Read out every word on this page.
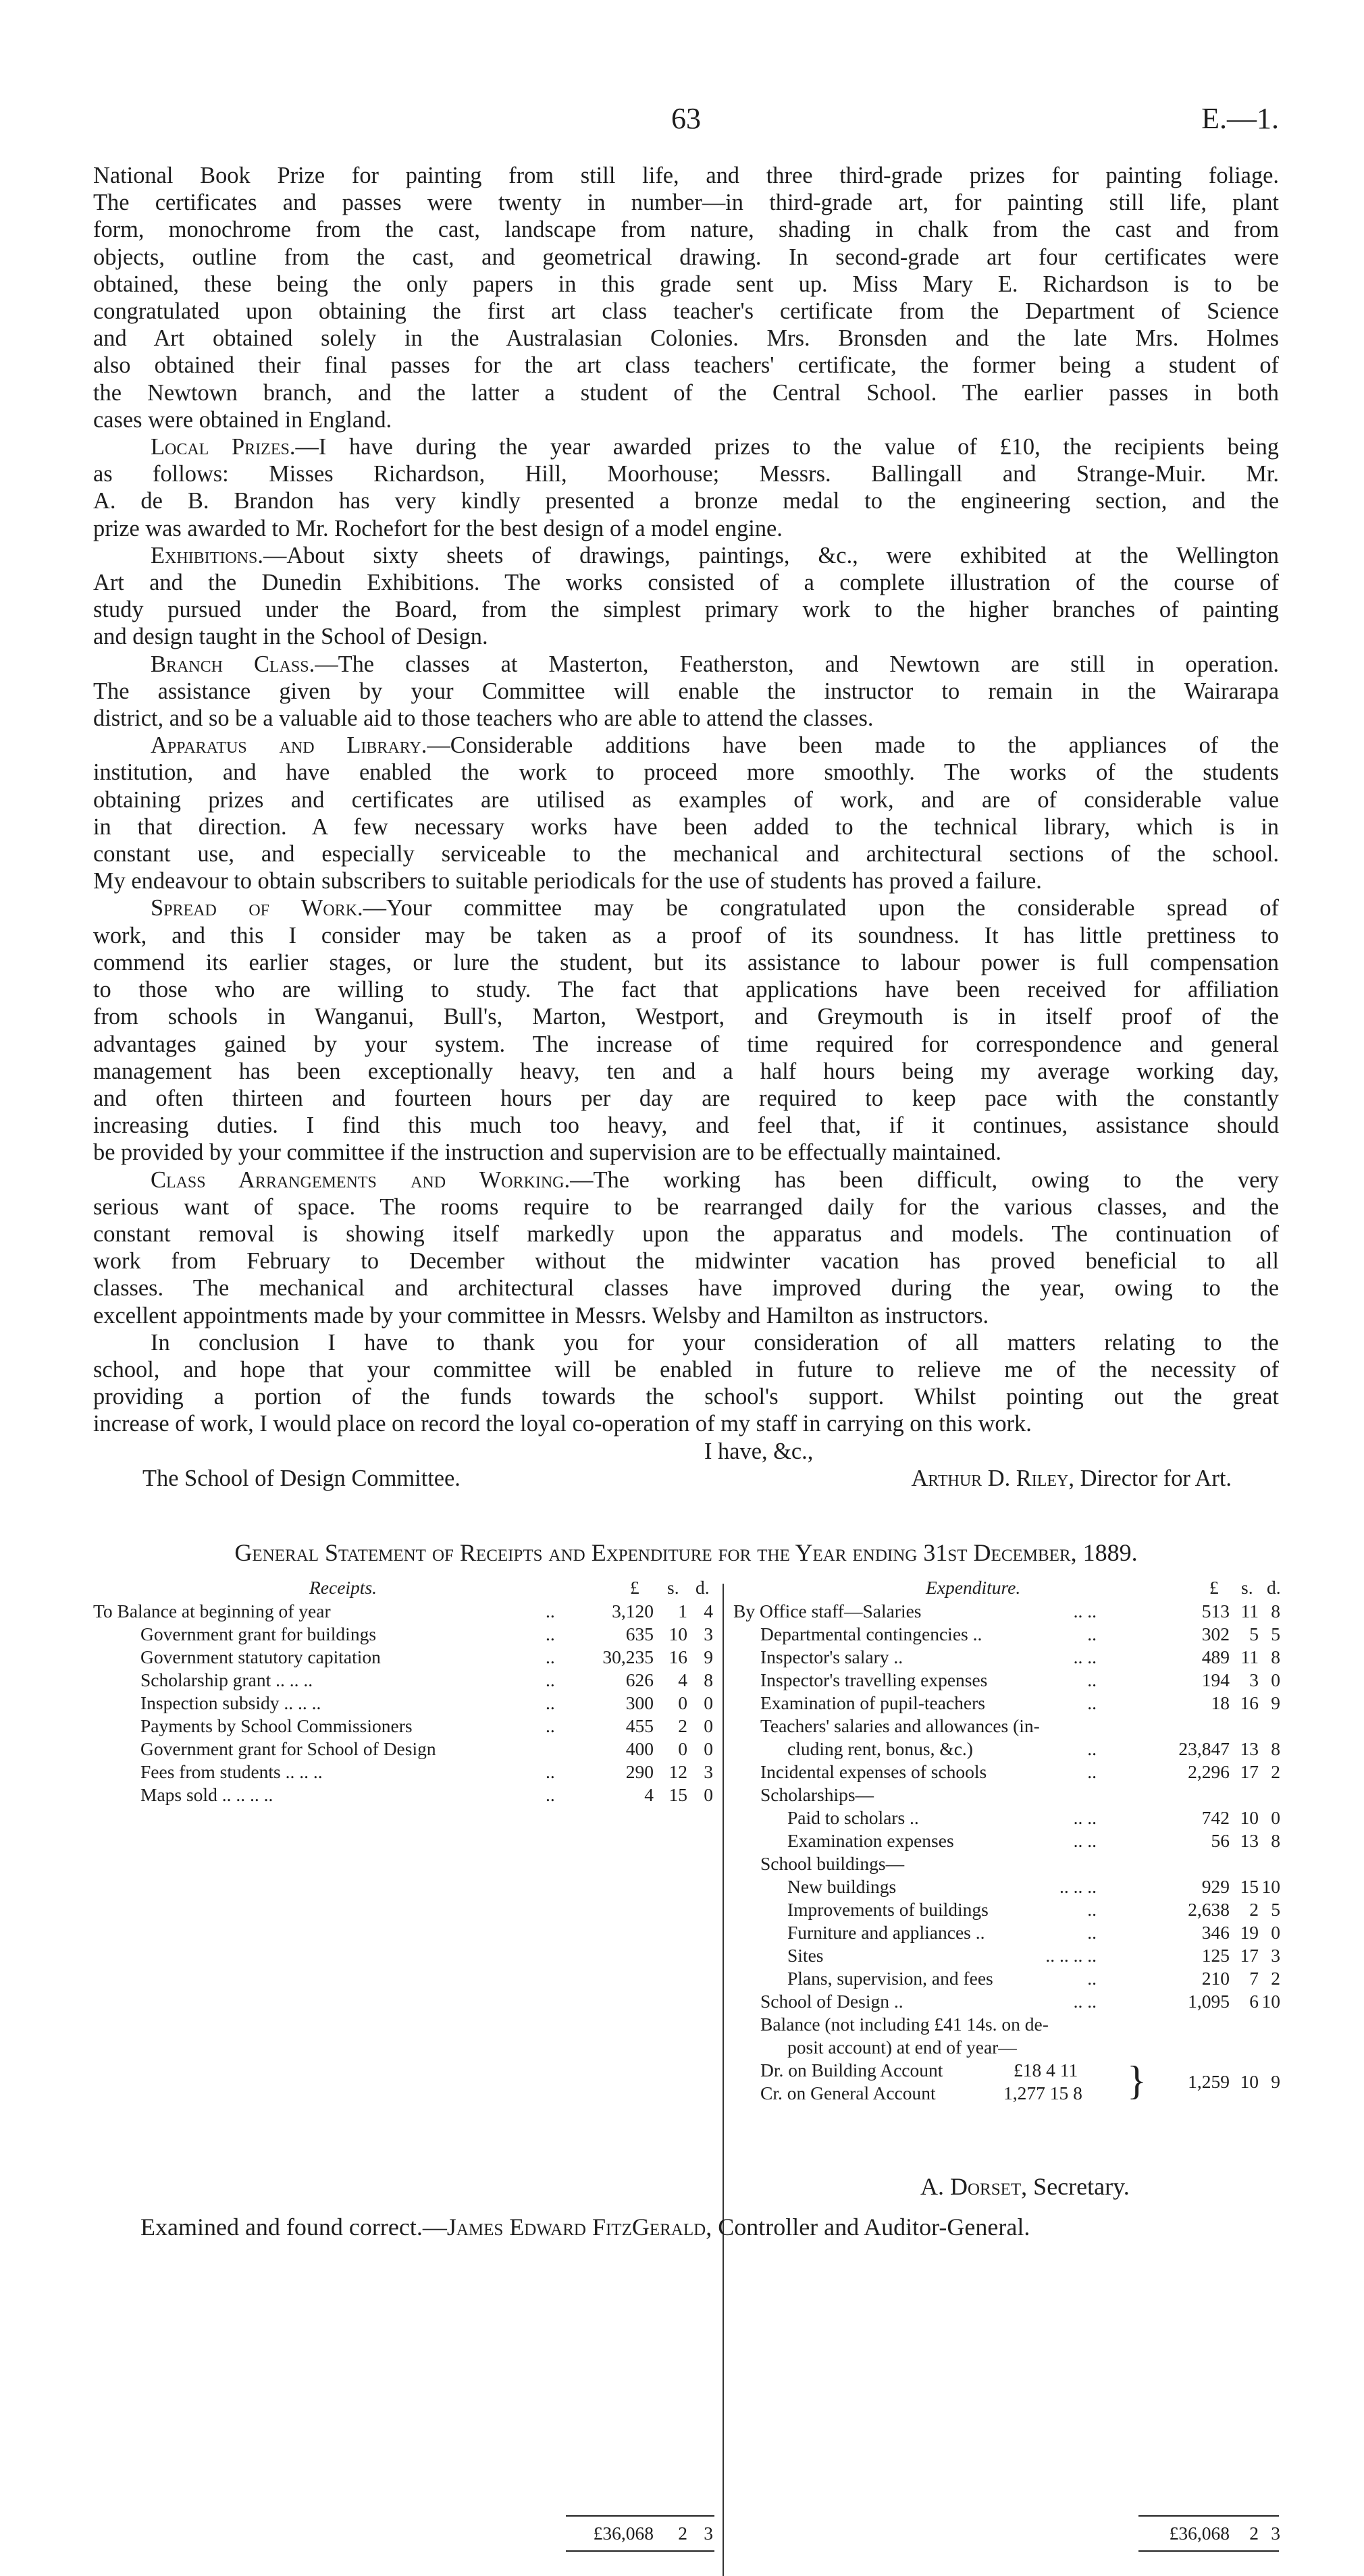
63	E.—1.

National Book Prize for painting from still life, and three third-grade prizes for painting foliage.

The certificates and passes were twenty in number—in third-grade art, for painting still life, plant

form, monochrome from the cast, landscape from nature, shading in chalk from the cast and from

objects, outline from the cast, and geometrical drawing. In second-grade art four certificates were

obtained, these being the only papers in this grade sent up. Miss Mary E. Richardson is to be

congratulated upon obtaining the first art class teacher's certificate from the Department of Science

and Art obtained solely in the Australasian Colonies. Mrs. Bronsden and the late Mrs. Holmes

also obtained their final passes for the art class teachers' certificate, the former being a student of

the Newtown branch, and the latter a student of the Central School. The earlier passes in both

cases were obtained in England.

Local Prizes.—I have during the year awarded prizes to the value of £10, the recipients being

as follows: Misses Richardson, Hill, Moorhouse; Messrs. Ballingall and Strange-Muir. Mr.

A. de B. Brandon has very kindly presented a bronze medal to the engineering section, and the

prize was awarded to Mr. Rochefort for the best design of a model engine.

Exhibitions.—About sixty sheets of drawings, paintings, &c., were exhibited at the Wellington

Art and the Dunedin Exhibitions. The works consisted of a complete illustration of the course of

study pursued under the Board, from the simplest primary work to the higher branches of painting

and design taught in the School of Design.

Branch Class.—The classes at Masterton, Featherston, and Newtown are still in operation.

The assistance given by your Committee will enable the instructor to remain in the Wairarapa

district, and so be a valuable aid to those teachers who are able to attend the classes.

Apparatus and Library.—Considerable additions have been made to the appliances of the

institution, and have enabled the work to proceed more smoothly. The works of the students

obtaining prizes and certificates are utilised as examples of work, and are of considerable value

in that direction. A few necessary works have been added to the technical library, which is in

constant use, and especially serviceable to the mechanical and architectural sections of the school.

My endeavour to obtain subscribers to suitable periodicals for the use of students has proved a failure.

Spread of Work.—Your committee may be congratulated upon the considerable spread of

work, and this I consider may be taken as a proof of its soundness. It has little prettiness to

commend its earlier stages, or lure the student, but its assistance to labour power is full compensation

to those who are willing to study. The fact that applications have been received for affiliation

from schools in Wanganui, Bull's, Marton, Westport, and Greymouth is in itself proof of the

advantages gained by your system. The increase of time required for correspondence and general

management has been exceptionally heavy, ten and a half hours being my average working day,

and often thirteen and fourteen hours per day are required to keep pace with the constantly

increasing duties. I find this much too heavy, and feel that, if it continues, assistance should

be provided by your committee if the instruction and supervision are to be effectually maintained.

Class Arrangements and Working.—The working has been difficult, owing to the very

serious want of space. The rooms require to be rearranged daily for the various classes, and the

constant removal is showing itself markedly upon the apparatus and models. The continuation of

work from February to December without the midwinter vacation has proved beneficial to all

classes. The mechanical and architectural classes have improved during the year, owing to the

excellent appointments made by your committee in Messrs. Welsby and Hamilton as instructors.

In conclusion I have to thank you for your consideration of all matters relating to the

school, and hope that your committee will be enabled in future to relieve me of the necessity of

providing a portion of the funds towards the school's support. Whilst pointing out the great

increase of work, I would place on record the loyal co-operation of my staff in carrying on this work.

I have, &c.,
The School of Design Committee.	Arthur D. Riley, Director for Art.
General Statement of Receipts and Expenditure for the Year ending 31st December, 1889.
Receipts.	£ s. d.
To Balance at beginning of year	..	3,120	1 4
Government grant for buildings	..	635 10 3
Government statutory capitation	..	30,235 16 9
Scholarship grant .. .. ..	..	626	4 8
Inspection subsidy .. .. ..	..	300	0 0
Payments by School Commissioners	..	455	2 0
Government grant for School of Design	400	0 0
Fees from students .. .. ..	..	290 12 3
Maps sold .. .. .. ..	..	4 15 0
£36,068	2 3
Expenditure.	£ s. d.
By Office staff—Salaries	.. ..	513 11 8
Departmental contingencies ..	..	302	5 5
Inspector's salary ..	.. ..	489 11 8
Inspector's travelling expenses	..	194	3 0
Examination of pupil-teachers	..	18 16 9
Teachers' salaries and allowances (in-
cluding rent, bonus, &c.)	..	23,847 13 8
Incidental expenses of schools	..	2,296 17 2
Scholarships—
Paid to scholars ..	.. ..	742 10 0
Examination expenses	.. ..	56 13 8
School buildings—
New buildings	.. .. ..	929 15 10
Improvements of buildings	..	2,638	2 5
Furniture and appliances ..	..	346 19 0
Sites	.. .. .. ..	125 17 3
Plans, supervision, and fees	..	210	7 2
School of Design ..	.. ..	1,095	6 10
Balance (not including £41 14s. on de-
posit account) at end of year—
Dr. on Building Account	£18 4 11
Cr. on General Account	1,277 15 8 }	1,259 10 9
£36,068	2 3
A. Dorset, Secretary.
Examined and found correct.—James Edward FitzGerald, Controller and Auditor-General.
